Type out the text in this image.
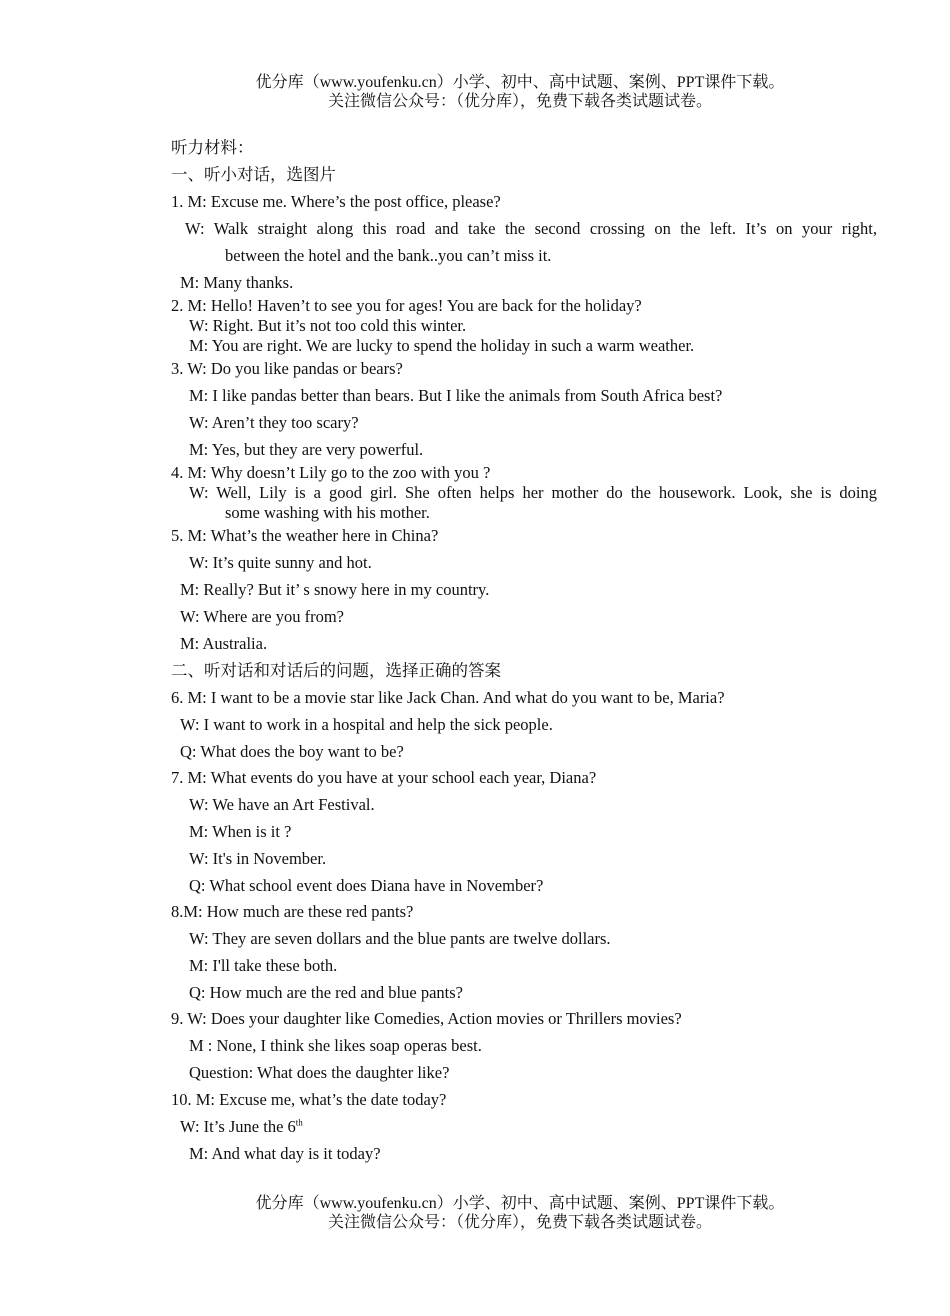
优分库（www.youfenku.cn）小学、初中、高中试题、案例、PPT课件下载。
关注微信公众号：（优分库），免费下载各类试题试卷。
听力材料：
一、听小对话，选图片
1. M: Excuse me. Where’s the post office, please?
W: Walk straight along this road and take the second crossing on the left. It’s on your right,
between the hotel and the bank..you can’t miss it.
M: Many thanks.
2. M: Hello! Haven’t to see you for ages! You are back for the holiday?
W: Right. But it’s not too cold this winter.
M: You are right. We are lucky to spend the holiday in such a warm weather.
3. W: Do you like pandas or bears?
M: I like pandas better than bears. But I like the animals from South Africa best?
W: Aren’t they too scary?
M: Yes, but they are very powerful.
4. M: Why doesn’t Lily go to the zoo with you ?
W: Well, Lily is a good girl. She often helps her mother do the housework. Look, she is doing
some washing with his mother.
5. M: What’s the weather here in China?
W: It’s quite sunny and hot.
M: Really? But it’ s snowy here in my country.
W: Where are you from?
M: Australia.
二、听对话和对话后的问题，选择正确的答案
6. M: I want to be a movie star like Jack Chan. And what do you want to be, Maria?
W: I want to work in a hospital and help the sick people.
Q: What does the boy want to be?
7. M: What events do you have at your school each year, Diana?
W: We have an Art Festival.
M: When is it ?
W: It's in November.
Q: What school event does Diana have in November?
8.M: How much are these red pants?
W: They are seven dollars and the blue pants are twelve dollars.
M: I'll take these both.
Q: How much are the red and blue pants?
9. W: Does your daughter like Comedies, Action movies or Thrillers movies?
M : None, I think she likes soap operas best.
Question: What does the daughter like?
10. M: Excuse me, what’s the date today?
W: It’s June the 6th
M: And what day is it today?
优分库（www.youfenku.cn）小学、初中、高中试题、案例、PPT课件下载。
关注微信公众号：（优分库），免费下载各类试题试卷。
